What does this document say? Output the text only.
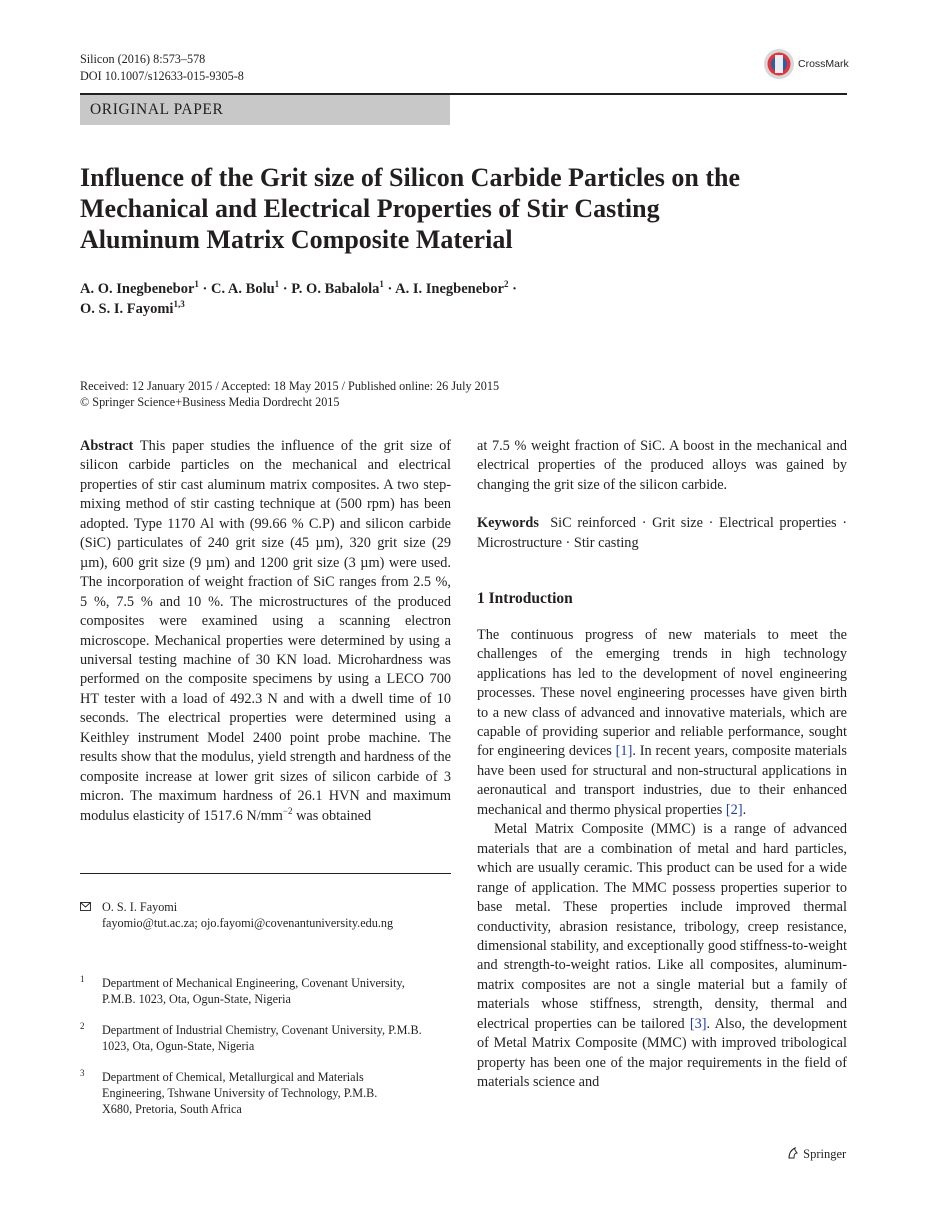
Silicon (2016) 8:573–578
DOI 10.1007/s12633-015-9305-8
CrossMark
ORIGINAL PAPER
Influence of the Grit size of Silicon Carbide Particles on the Mechanical and Electrical Properties of Stir Casting Aluminum Matrix Composite Material
A. O. Inegbenebor$^1$ · C. A. Bolu$^1$ · P. O. Babalola$^1$ · A. I. Inegbenebor$^2$ ·
O. S. I. Fayomi$^{1,3}$
Received: 12 January 2015 / Accepted: 18 May 2015 / Published online: 26 July 2015
© Springer Science+Business Media Dordrecht 2015
Abstract This paper studies the influence of the grit size of silicon carbide particles on the mechanical and electrical properties of stir cast aluminum matrix composites. A two step-mixing method of stir casting technique at (500 rpm) has been adopted. Type 1170 Al with (99.66 % C.P) and silicon carbide (SiC) particulates of 240 grit size (45 µm), 320 grit size (29 µm), 600 grit size (9 µm) and 1200 grit size (3 µm) were used. The incorporation of weight fraction of SiC ranges from 2.5 %, 5 %, 7.5 % and 10 %. The microstructures of the produced composites were examined using a scanning electron microscope. Mechanical properties were determined by using a universal testing machine of 30 KN load. Microhardness was performed on the composite specimens by using a LECO 700 HT tester with a load of 492.3 N and with a dwell time of 10 seconds. The electrical properties were determined using a Keithley instrument Model 2400 point probe machine. The results show that the modulus, yield strength and hardness of the composite increase at lower grit sizes of silicon carbide of 3 micron. The maximum hardness of 26.1 HVN and maximum modulus elasticity of 1517.6 $N/mm^{-2}$ was obtained
O. S. I. Fayomi
fayomio@tut.ac.za; ojo.fayomi@covenantuniversity.edu.ng
1	Department of Mechanical Engineering, Covenant University, P.M.B. 1023, Ota, Ogun-State, Nigeria
2	Department of Industrial Chemistry, Covenant University, P.M.B. 1023, Ota, Ogun-State, Nigeria
3	Department of Chemical, Metallurgical and Materials Engineering, Tshwane University of Technology, P.M.B. X680, Pretoria, South Africa
at 7.5 % weight fraction of SiC. A boost in the mechanical and electrical properties of the produced alloys was gained by changing the grit size of the silicon carbide.
Keywords SiC reinforced · Grit size · Electrical properties · Microstructure · Stir casting
1 Introduction
The continuous progress of new materials to meet the challenges of the emerging trends in high technology applications has led to the development of novel engineering processes. These novel engineering processes have given birth to a new class of advanced and innovative materials, which are capable of providing superior and reliable performance, sought for engineering devices [1]. In recent years, composite materials have been used for structural and non-structural applications in aeronautical and transport industries, due to their enhanced mechanical and thermo physical properties [2].
Metal Matrix Composite (MMC) is a range of advanced materials that are a combination of metal and hard particles, which are usually ceramic. This product can be used for a wide range of application. The MMC possess properties superior to base metal. These properties include improved thermal conductivity, abrasion resistance, tribology, creep resistance, dimensional stability, and exceptionally good stiffness-to-weight and strength-to-weight ratios. Like all composites, aluminum-matrix composites are not a single material but a family of materials whose stiffness, strength, density, thermal and electrical properties can be tailored [3]. Also, the development of Metal Matrix Composite (MMC) with improved tribological property has been one of the major requirements in the field of materials science and
Springer
